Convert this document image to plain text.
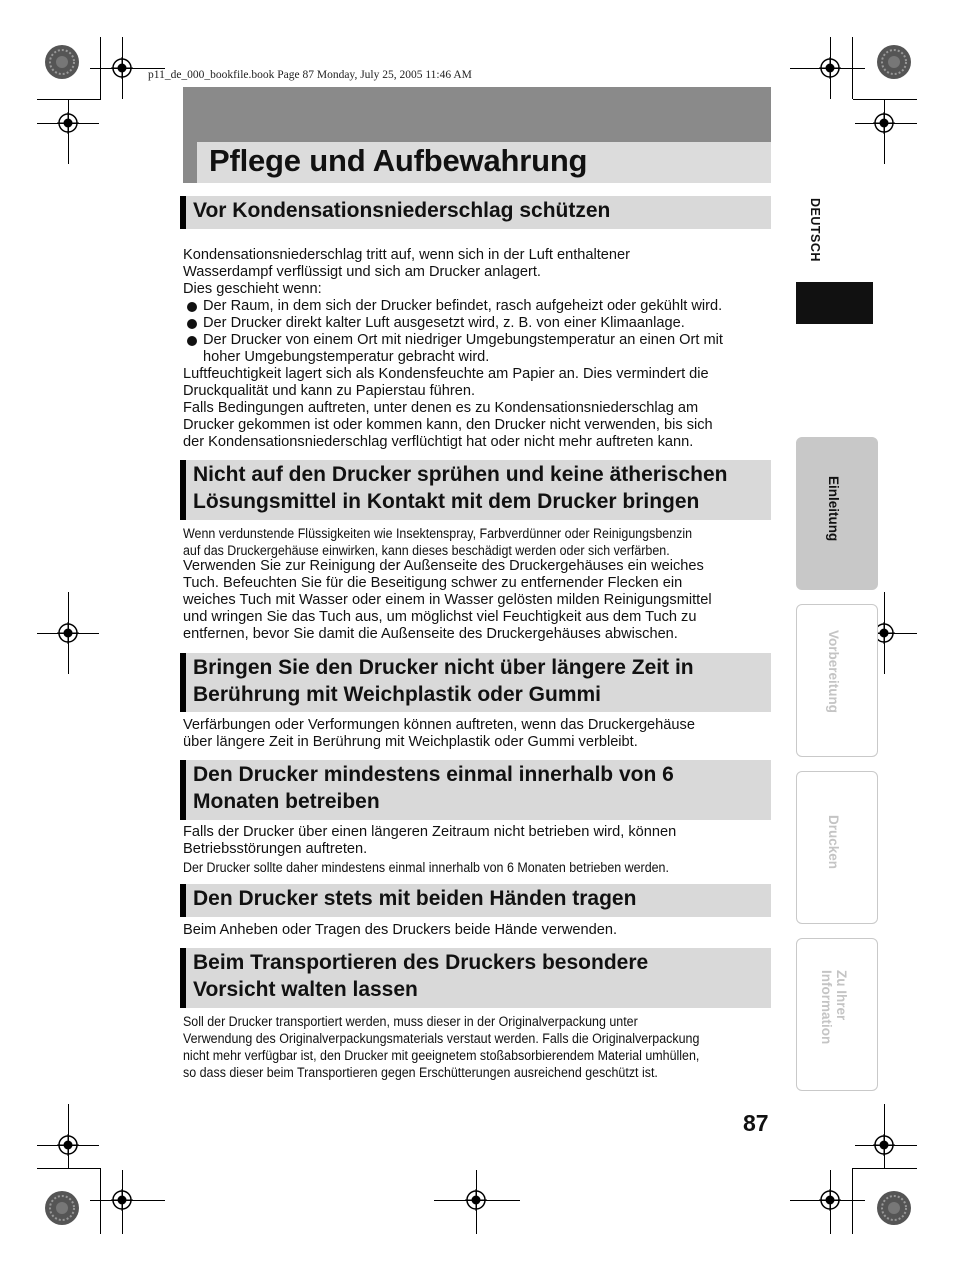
p11_de_000_bookfile.book Page 87 Monday, July 25, 2005 11:46 AM
Pflege und Aufbewahrung
Vor Kondensationsniederschlag schützen

Kondensationsniederschlag tritt auf, wenn sich in der Luft enthaltener

Wasserdampf verflüssigt und sich am Drucker anlagert.

Dies geschieht wenn:

Der Raum, in dem sich der Drucker befindet, rasch aufgeheizt oder gekühlt wird.

Der Drucker direkt kalter Luft ausgesetzt wird, z. B. von einer Klimaanlage.

Der Drucker von einem Ort mit niedriger Umgebungstemperatur an einen Ort mit

hoher Umgebungstemperatur gebracht wird.

Luftfeuchtigkeit lagert sich als Kondensfeuchte am Papier an. Dies vermindert die

Druckqualität und kann zu Papierstau führen.

Falls Bedingungen auftreten, unter denen es zu Kondensationsniederschlag am

Drucker gekommen ist oder kommen kann, den Drucker nicht verwenden, bis sich

der Kondensationsniederschlag verflüchtigt hat oder nicht mehr auftreten kann.

Nicht auf den Drucker sprühen und keine ätherischen
Lösungsmittel in Kontakt mit dem Drucker bringen

Wenn verdunstende Flüssigkeiten wie Insektenspray, Farbverdünner oder Reinigungsbenzin

auf das Druckergehäuse einwirken, kann dieses beschädigt werden oder sich verfärben.

Verwenden Sie zur Reinigung der Außenseite des Druckergehäuses ein weiches

Tuch. Befeuchten Sie für die Beseitigung schwer zu entfernender Flecken ein

weiches Tuch mit Wasser oder einem in Wasser gelösten milden Reinigungsmittel

und wringen Sie das Tuch aus, um möglichst viel Feuchtigkeit aus dem Tuch zu

entfernen, bevor Sie damit die Außenseite des Druckergehäuses abwischen.

Bringen Sie den Drucker nicht über längere Zeit in
Berührung mit Weichplastik oder Gummi

Verfärbungen oder Verformungen können auftreten, wenn das Druckergehäuse

über längere Zeit in Berührung mit Weichplastik oder Gummi verbleibt.

Den Drucker mindestens einmal innerhalb von 6
Monaten betreiben

Falls der Drucker über einen längeren Zeitraum nicht betrieben wird, können

Betriebsstörungen auftreten.

Der Drucker sollte daher mindestens einmal innerhalb von 6 Monaten betrieben werden.

Den Drucker stets mit beiden Händen tragen

Beim Anheben oder Tragen des Druckers beide Hände verwenden.

Beim Transportieren des Druckers besondere
Vorsicht walten lassen

Soll der Drucker transportiert werden, muss dieser in der Originalverpackung unter

Verwendung des Originalverpackungsmaterials verstaut werden. Falls die Originalverpackung

nicht mehr verfügbar ist, den Drucker mit geeignetem stoßabsorbierendem Material umhüllen,

so dass dieser beim Transportieren gegen Erschütterungen ausreichend geschützt ist.

DEUTSCH
Einleitung
Vorbereitung
Drucken
Zu Ihrer
Information
87
